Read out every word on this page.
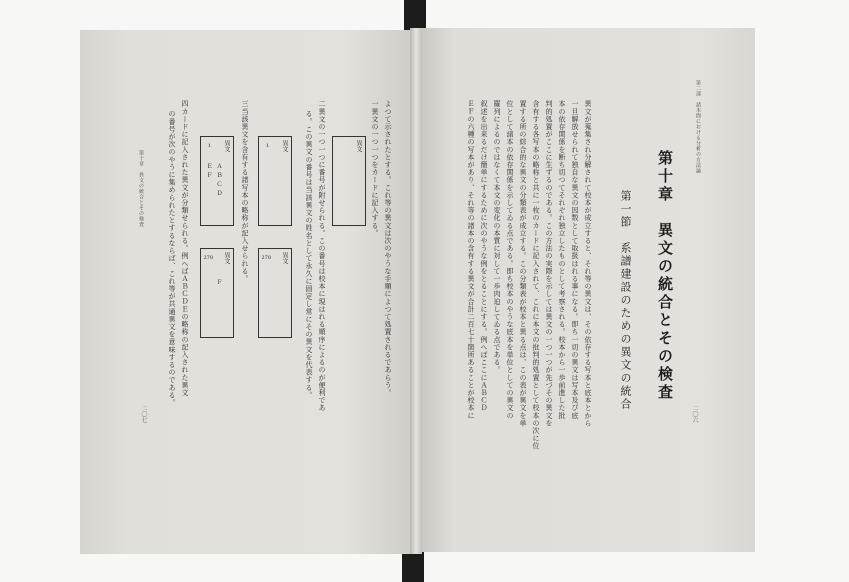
第二部　諸本間における分析の方法論
二〇六
第十章　異文の統合とその検査
第一節　系譜建設のための異文の統合
異文が蒐集され分解されて校本が成立すると、それ等の異文は、その依存する写本と底本とから
一旦解放せられて独自な異文の因数として取扱はれる事になる。即ち一切の異文は写本及び底
本の依存関係を断ち切つてそれぞれ独立したものとして考察される。校本から一歩前進した批
判的処置がここに生ずるのである。この方法の実際を示しては異文の一つ一つが先づその異文を
含有する各写本の略称と共に一枚のカードに記入されて、これに本文の批判的処置として校本の次に位
置する所の綜合的な異文の分類表が成立する。この分類表が校本と異る点は、この表が異文を単
位として諸本の依存関係を示してゐる点である。即ち校本のやうな底本を単位としての異文の
羅列によるのではなくて本文の変化の本質に対して一歩肉迫してゐる点である。
叙述を出来るだけ簡単にするために次のやうな例をとることにする。例へばここにＡＢＣＤ
ＥＦの六種の写本があり、それ等の諸本の含有する異文が合計二百七十箇所あることが校本に
よつて示されたとする。これ等の異文は次のやうな手順によつて処置されるであらう。
一異文の一つ一つをカードに記入する。
異文
二異文の一つ一つに番号が附せられる。この番号は校本に現はれる順序によるのが便利であ
る。この異文の番号は当該異文の姓名として永久に固定し常にその異文を代表する。
1 異文
270 異文
三当該異文を含有する諸写本の略称が記入せられる。
1 異文
ＡＢＣＤ
ＥＦ
270 異文
Ｆ
四カードに記入された異文が分類せられる。例へばＡＢＣＤＥの略称の記入された異文
の番号が次のやうに集められたとするならば、これ等が共通異文を意味するのである。
第十章　異文の統合とその検査
二〇七
